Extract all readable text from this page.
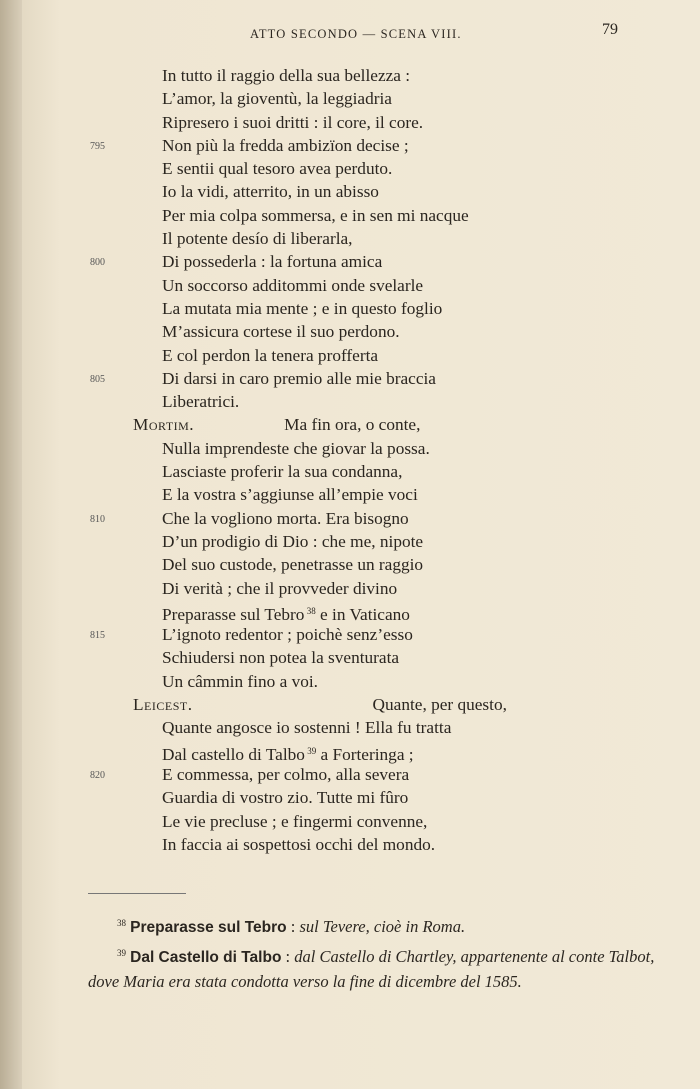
ATTO SECONDO — SCENA VIII.	79
In tutto il raggio della sua bellezza :
L’amor, la gioventù, la leggiadria
Ripresero i suoi dritti : il core, il core.
795	Non più la fredda ambizïon decise ;
E sentii qual tesoro avea perduto.
Io la vidi, atterrito, in un abisso
Per mia colpa sommersa, e in sen mi nacque
Il potente desío di liberarla,
800	Di possederla : la fortuna amica
Un soccorso additommi onde svelarle
La mutata mia mente ; e in questo foglio
M’assicura cortese il suo perdono.
E col perdon la tenera profferta
805	Di darsi in caro premio alle mie braccia
Liberatrici.
Mortim.	Ma fin ora, o conte,
Nulla imprendeste che giovar la possa.
Lasciaste proferir la sua condanna,
E la vostra s’aggiunse all’empie voci
810	Che la vogliono morta. Era bisogno
D’un prodigio di Dio : che me, nipote
Del suo custode, penetrasse un raggio
Di verità ; che il provveder divino
Preparasse sul Tebro $^{38}$ e in Vaticano
815	L’ignoto redentor ; poichè senz’esso
Schiudersi non potea la sventurata
Un câmmin fino a voi.
Leicest.	Quante, per questo,
Quante angosce io sostenni ! Ella fu tratta
Dal castello di Talbo $^{39}$ a Forteringa ;
820	E commessa, per colmo, alla severa
Guardia di vostro zio. Tutte mi fûro
Le vie precluse ; e fingermi convenne,
In faccia ai sospettosi occhi del mondo.

$^{38}$ Preparasse sul Tebro : sul Tevere, cioè in Roma.

$^{39}$ Dal Castello di Talbo : dal Castello di Chartley, appartenente al conte Talbot, dove Maria era stata condotta verso la fine di dicembre del 1585.
